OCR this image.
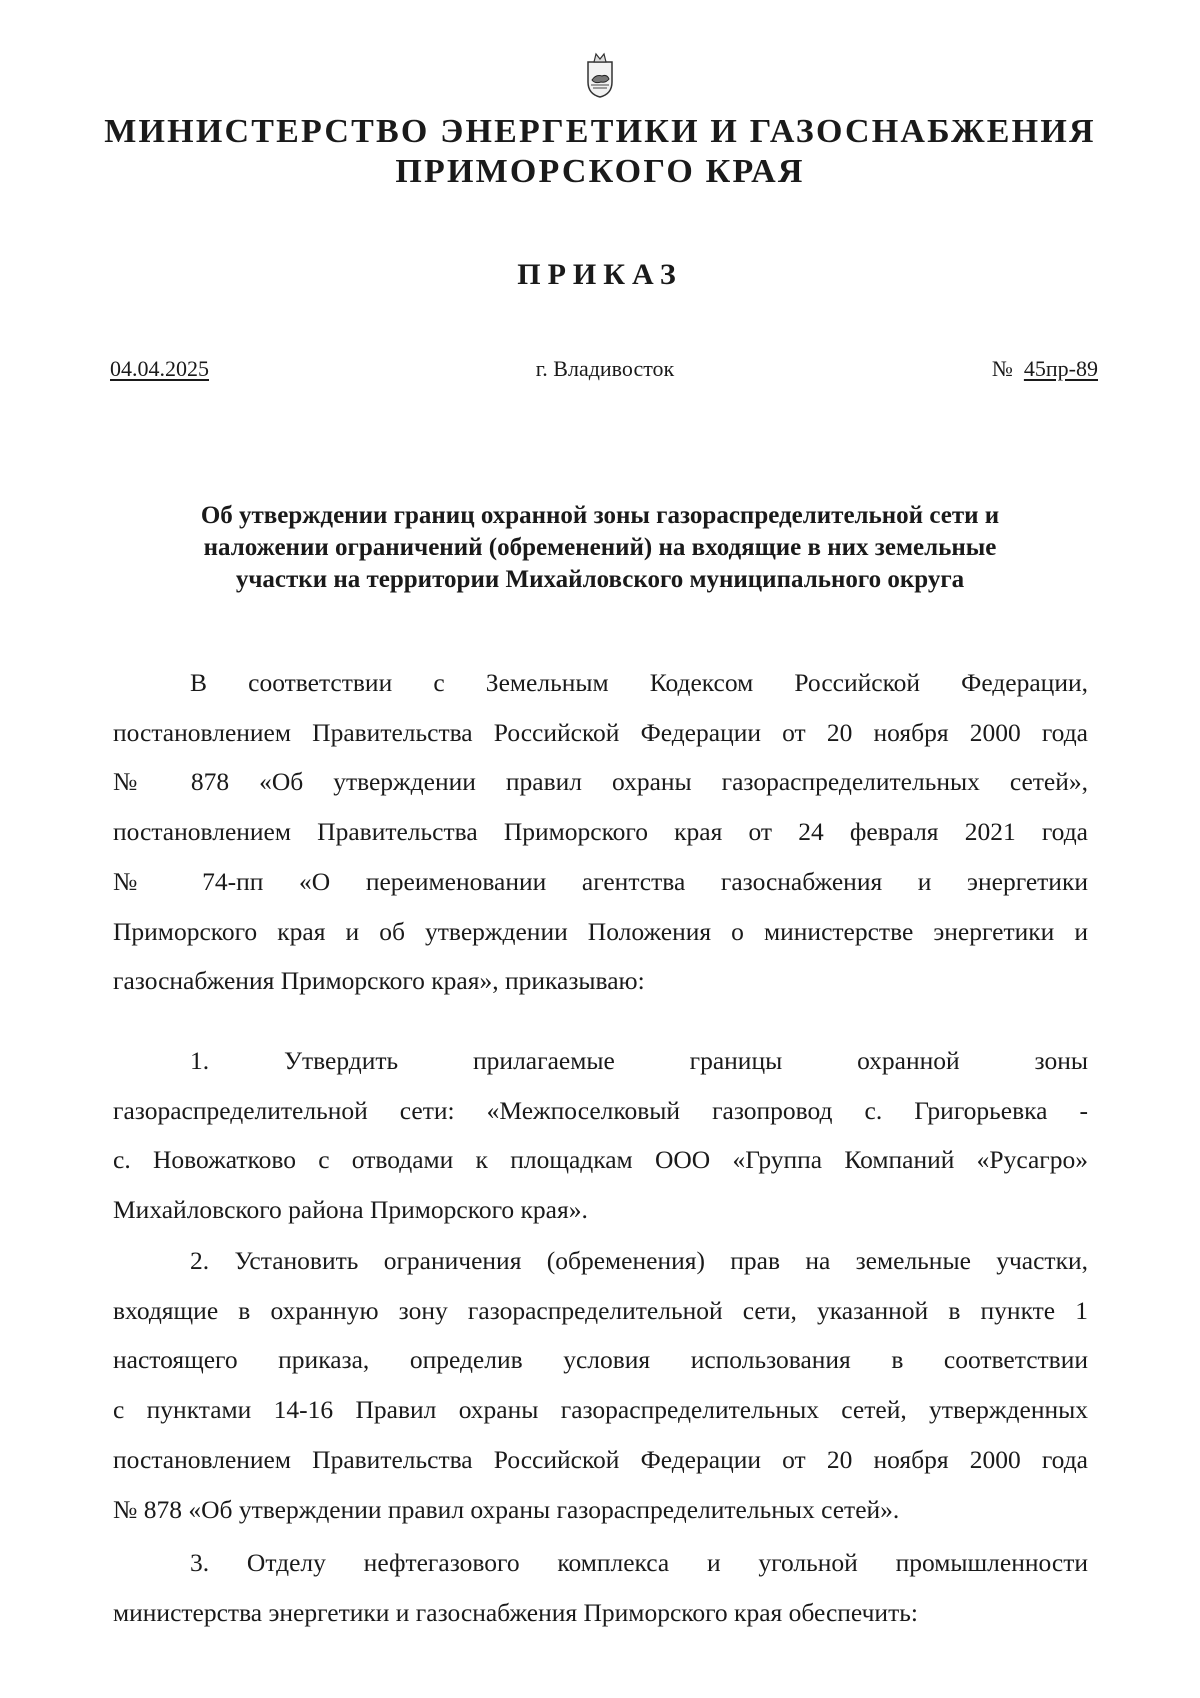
МИНИСТЕРСТВО ЭНЕРГЕТИКИ И ГАЗОСНАБЖЕНИЯ
ПРИМОРСКОГО КРАЯ
ПРИКАЗ
04.04.2025	г. Владивосток	№ 45пр-89
Об утверждении границ охранной зоны газораспределительной сети и
наложении ограничений (обременений) на входящие в них земельные
участки на территории Михайловского муниципального округа
В соответствии с Земельным Кодексом Российской Федерации,
постановлением Правительства Российской Федерации от 20 ноября 2000 года
№ 878 «Об утверждении правил охраны газораспределительных сетей»,
постановлением Правительства Приморского края от 24 февраля 2021 года
№ 74-пп «О переименовании агентства газоснабжения и энергетики
Приморского края и об утверждении Положения о министерстве энергетики и
газоснабжения Приморского края», приказываю:
1. Утвердить прилагаемые границы охранной зоны
газораспределительной сети: «Межпоселковый газопровод с. Григорьевка -
с. Новожатково с отводами к площадкам ООО «Группа Компаний «Русагро»
Михайловского района Приморского края».
2. Установить ограничения (обременения) прав на земельные участки,
входящие в охранную зону газораспределительной сети, указанной в пункте 1
настоящего приказа, определив условия использования в соответствии
с пунктами 14-16 Правил охраны газораспределительных сетей, утвержденных
постановлением Правительства Российской Федерации от 20 ноября 2000 года
№ 878 «Об утверждении правил охраны газораспределительных сетей».
3. Отделу нефтегазового комплекса и угольной промышленности
министерства энергетики и газоснабжения Приморского края обеспечить:
